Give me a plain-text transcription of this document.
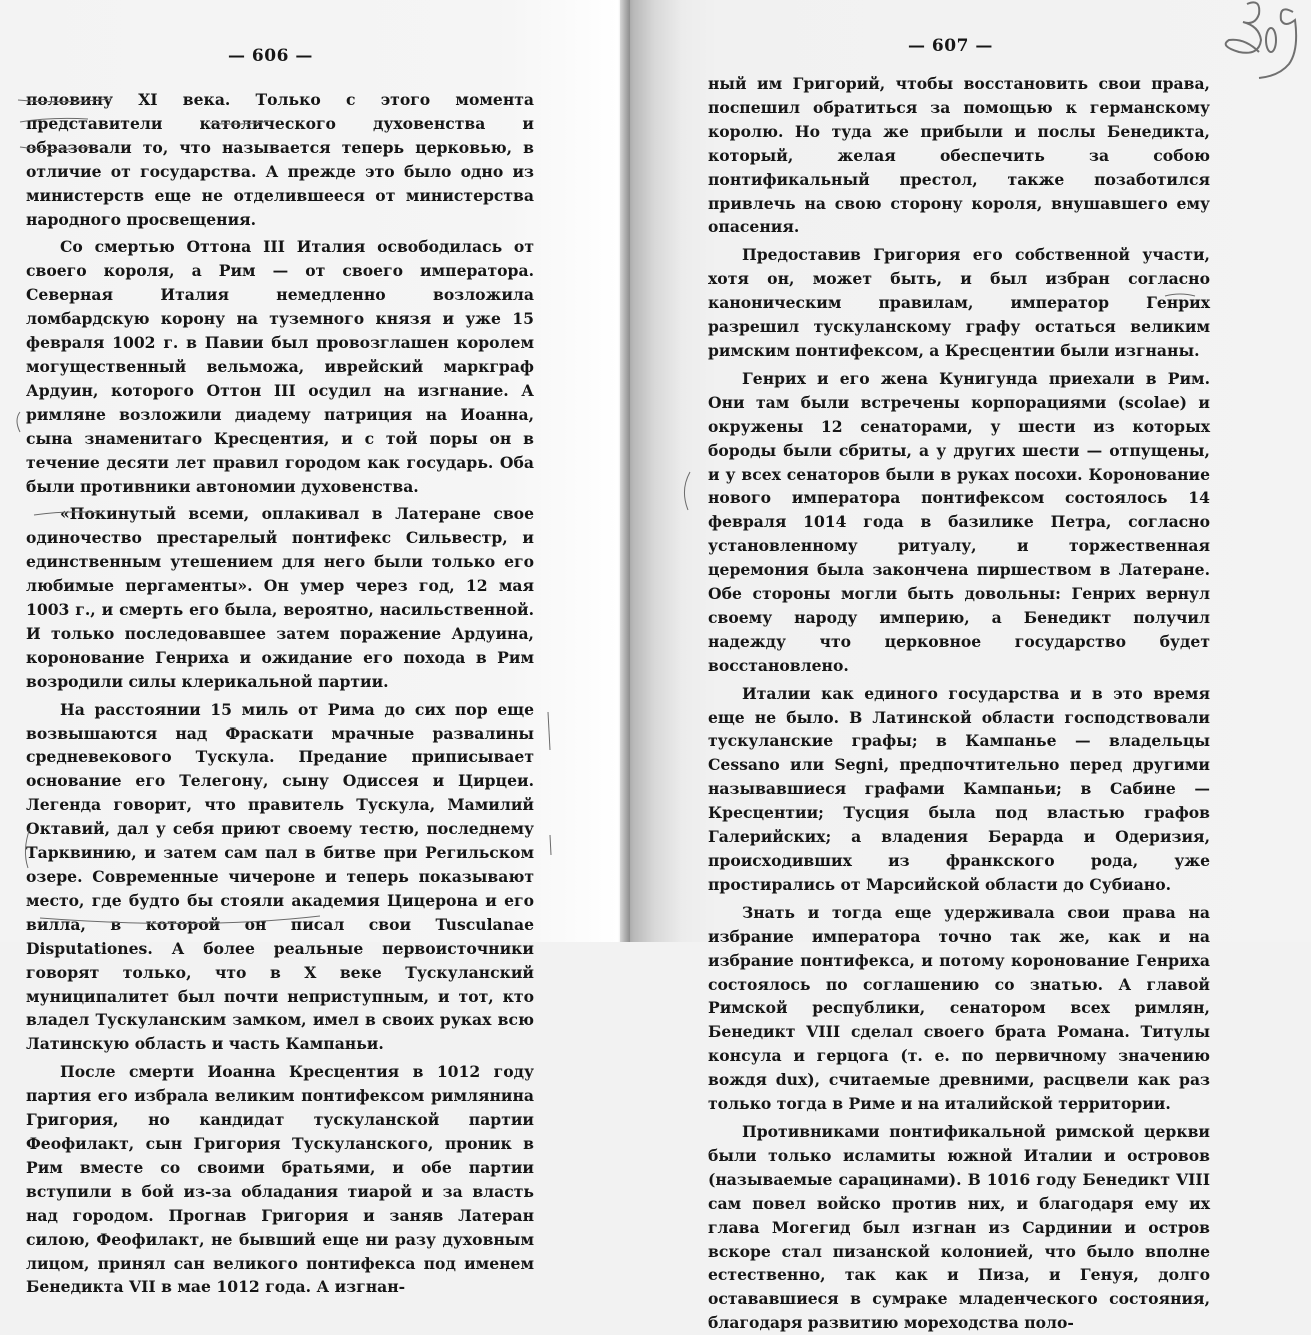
— 606 —

половину XI века. Только с этого момента представители католического духовенства и образовали то, что называется теперь церковью, в отличие от государства. А прежде это было одно из министерств еще не отделившееся от министерства народного просвещения.

Со смертью Оттона III Италия освободилась от своего короля, а Рим — от своего императора. Северная Италия немедленно возложила ломбардскую корону на туземного князя и уже 15 февраля 1002 г. в Павии был провозглашен королем могущественный вельможа, иврейский маркграф Ардуин, которого Оттон III осудил на изгнание. А римляне возложили диадему патриция на Иоанна, сына знаменитаго Кресцентия, и с той поры он в течение десяти лет правил городом как государь. Оба были противники автономии духовенства.

«Покинутый всеми, оплакивал в Латеране свое одиночество престарелый понтифекс Сильвестр, и единственным утешением для него были только его любимые пергаменты». Он умер через год, 12 мая 1003 г., и смерть его была, вероятно, насильственной. И только последовавшее затем поражение Ардуина, коронование Генриха и ожидание его похода в Рим возродили силы клерикальной партии.

На расстоянии 15 миль от Рима до сих пор еще возвышаются над Фраскати мрачные развалины средневекового Тускула. Предание приписывает основание его Телегону, сыну Одиссея и Цирцеи. Легенда говорит, что правитель Тускула, Мамилий Октавий, дал у себя приют своему тестю, последнему Тарквинию, и затем сам пал в битве при Регильском озере. Современные чичероне и теперь показывают место, где будто бы стояли академия Цицерона и его вилла, в которой он писал свои Tusculanae Disputationes. А более реальные первоисточники говорят только, что в X веке Тускуланский муниципалитет был почти неприступным, и тот, кто владел Тускуланским замком, имел в своих руках всю Латинскую область и часть Кампаньи.

После смерти Иоанна Кресцентия в 1012 году партия его избрала великим понтифексом римлянина Григория, но кандидат тускуланской партии Феофилакт, сын Григория Тускуланского, проник в Рим вместе со своими братьями, и обе партии вступили в бой из-за обладания тиарой и за власть над городом. Прогнав Григория и заняв Латеран силою, Феофилакт, не бывший еще ни разу духовным лицом, принял сан великого понтифекса под именем Бенедикта VII в мае 1012 года. А изгнан-

— 607 —

ный им Григорий, чтобы восстановить свои права, поспешил обратиться за помощью к германскому королю. Но туда же прибыли и послы Бенедикта, который, желая обеспечить за собою понтификальный престол, также позаботился привлечь на свою сторону короля, внушавшего ему опасения.

Предоставив Григория его собственной участи, хотя он, может быть, и был избран согласно каноническим правилам, император Генрих разрешил тускуланскому графу остаться великим римским понтифексом, а Кресцентии были изгнаны.

Генрих и его жена Кунигунда приехали в Рим. Они там были встречены корпорациями (scolae) и окружены 12 сенаторами, у шести из которых бороды были сбриты, а у других шести — отпущены, и у всех сенаторов были в руках посохи. Коронование нового императора понтифексом состоялось 14 февраля 1014 года в базилике Петра, согласно установленному ритуалу, и торжественная церемония была закончена пиршеством в Латеране. Обе стороны могли быть довольны: Генрих вернул своему народу империю, а Бенедикт получил надежду что церковное государство будет восстановлено.

Италии как единого государства и в это время еще не было. В Латинской области господствовали тускуланские графы; в Кампанье — владельцы Cessano или Segni, предпочтительно перед другими называвшиеся графами Кампаньи; в Сабине — Кресцентии; Тусция была под властью графов Галерийских; а владения Берарда и Одеризия, происходивших из франкского рода, уже простирались от Марсийской области до Субиано.

Знать и тогда еще удерживала свои права на избрание императора точно так же, как и на избрание понтифекса, и потому коронование Генриха состоялось по соглашению со знатью. А главой Римской республики, сенатором всех римлян, Бенедикт VIII сделал своего брата Романа. Титулы консула и герцога (т. е. по первичному значению вождя dux), считаемые древними, расцвели как раз только тогда в Риме и на италийской территории.

Противниками понтификальной римской церкви были только исламиты южной Италии и островов (называемые сарацинами). В 1016 году Бенедикт VIII сам повел войско против них, и благодаря ему их глава Могегид был изгнан из Сардинии и остров вскоре стал пизанской колонией, что было вполне естественно, так как и Пиза, и Генуя, долго остававшиеся в сумраке младенческого состояния, благодаря развитию мореходства поло-
